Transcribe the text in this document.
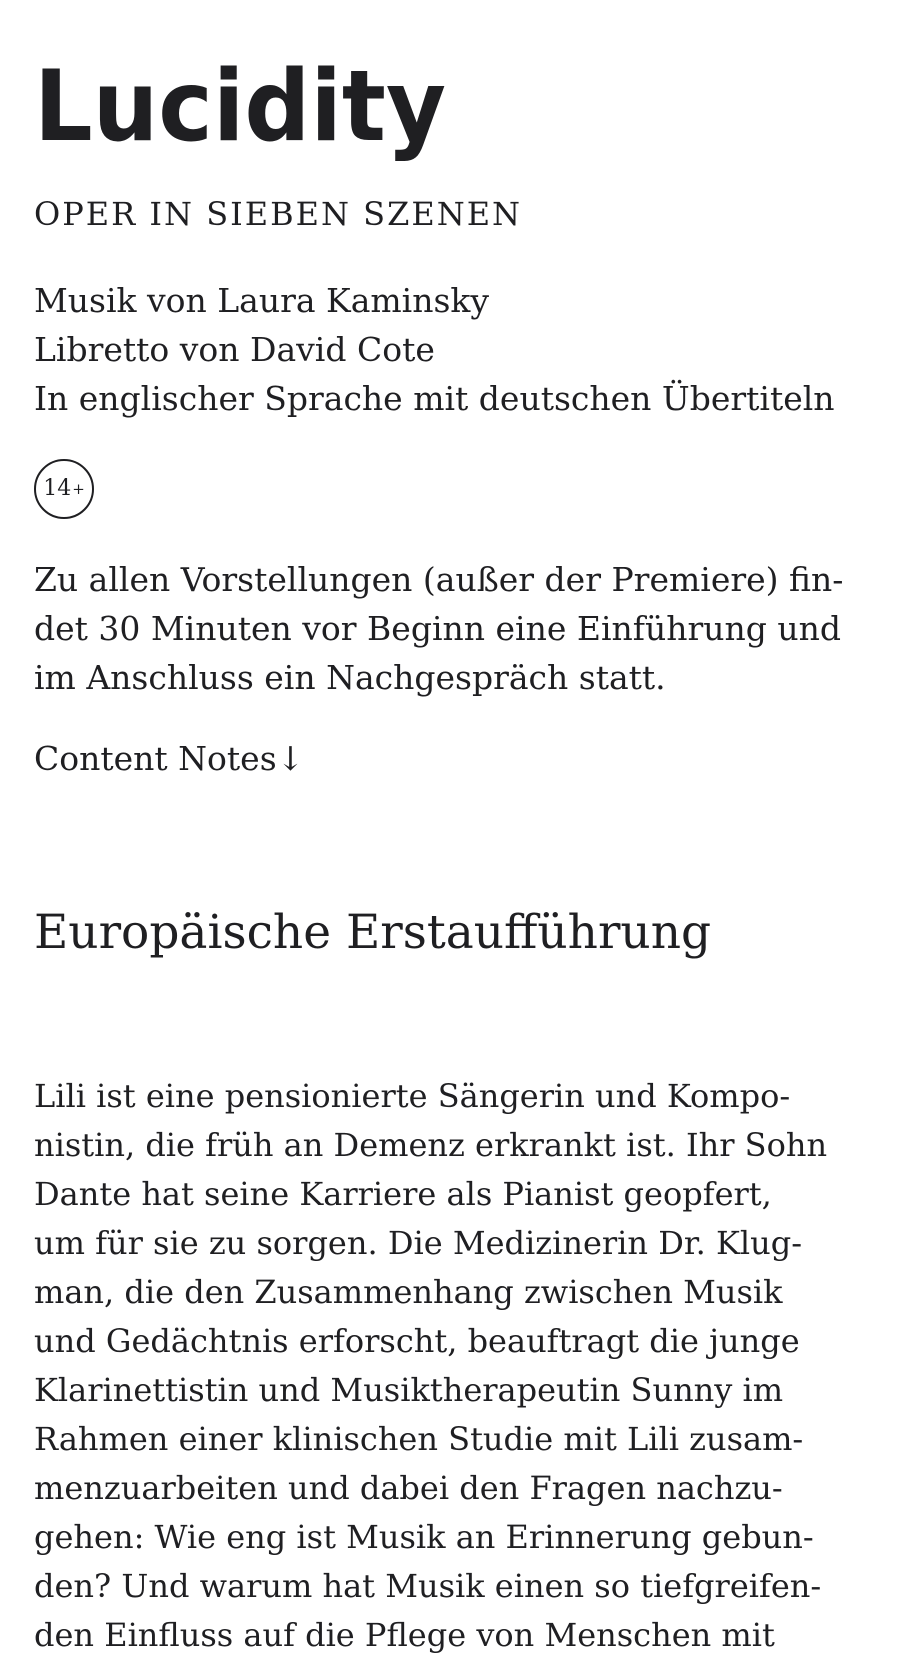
Lucidity
OPER IN SIEBEN SZENEN
Musik von Laura Kaminsky
Libretto von David Cote
In englischer Sprache mit deutschen Übertiteln
14 +
Zu allen Vorstellungen (außer der Premiere) fin-
det 30 Minuten vor Beginn eine Einführung und
im Anschluss ein Nachgespräch statt.
Content Notes↓
Europäische Erstaufführung
Lili ist eine pensionierte Sängerin und Kompo-
nistin, die früh an Demenz erkrankt ist. Ihr Sohn
Dante hat seine Karriere als Pianist geopfert,
um für sie zu sorgen. Die Medizinerin Dr. Klug-
man, die den Zusammenhang zwischen Musik
und Gedächtnis erforscht, beauftragt die junge
Klarinettistin und Musiktherapeutin Sunny im
Rahmen einer klinischen Studie mit Lili zusam-
menzuarbeiten und dabei den Fragen nachzu-
gehen: Wie eng ist Musik an Erinnerung gebun-
den? Und warum hat Musik einen so tiefgreifen-
den Einfluss auf die Pflege von Menschen mit
